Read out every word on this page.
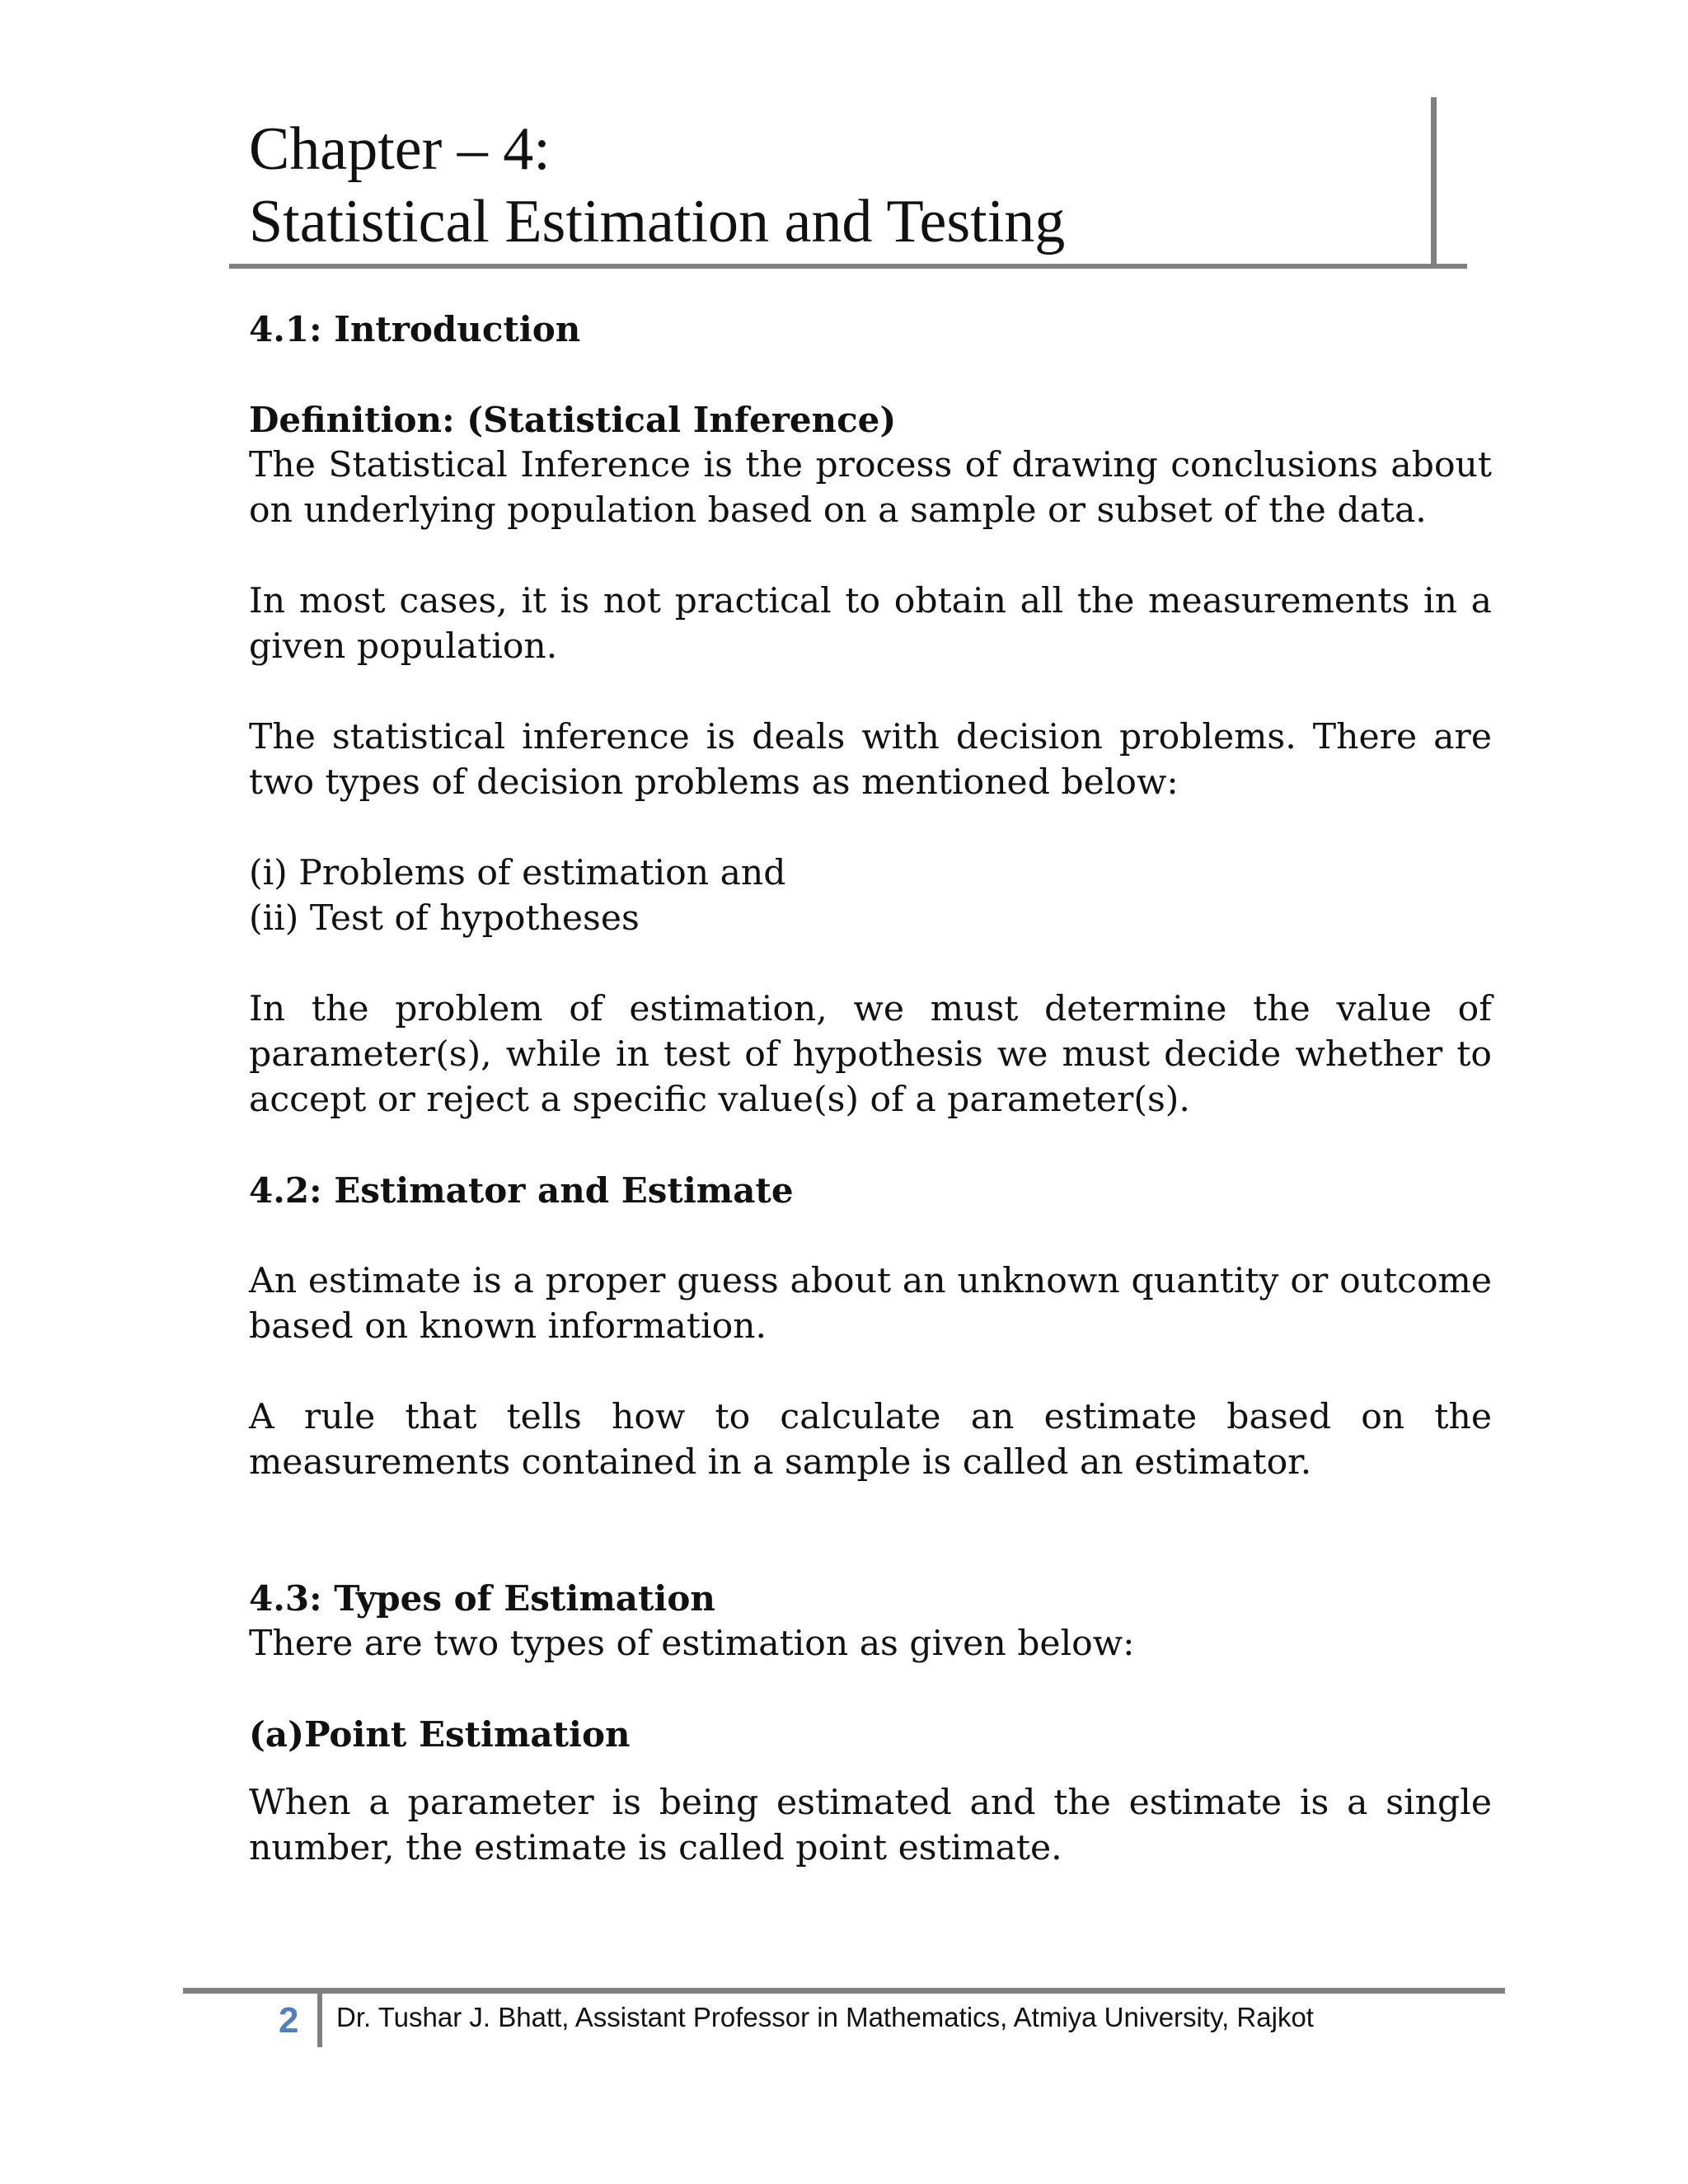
Chapter – 4:
Statistical Estimation and Testing

4.1: Introduction

Definition: (Statistical Inference)

The Statistical Inference is the process of drawing conclusions about on underlying population based on a sample or subset of the data.

In most cases, it is not practical to obtain all the measurements in a given population.

The statistical inference is deals with decision problems. There are two types of decision problems as mentioned below:

(i) Problems of estimation and

(ii) Test of hypotheses

In the problem of estimation, we must determine the value of parameter(s), while in test of hypothesis we must decide whether to accept or reject a specific value(s) of a parameter(s).

4.2: Estimator and Estimate

An estimate is a proper guess about an unknown quantity or outcome based on known information.

A rule that tells how to calculate an estimate based on the measurements contained in a sample is called an estimator.

4.3: Types of Estimation

There are two types of estimation as given below:

(a)Point Estimation

When a parameter is being estimated and the estimate is a single number, the estimate is called point estimate.

2 Dr. Tushar J. Bhatt, Assistant Professor in Mathematics, Atmiya University, Rajkot
